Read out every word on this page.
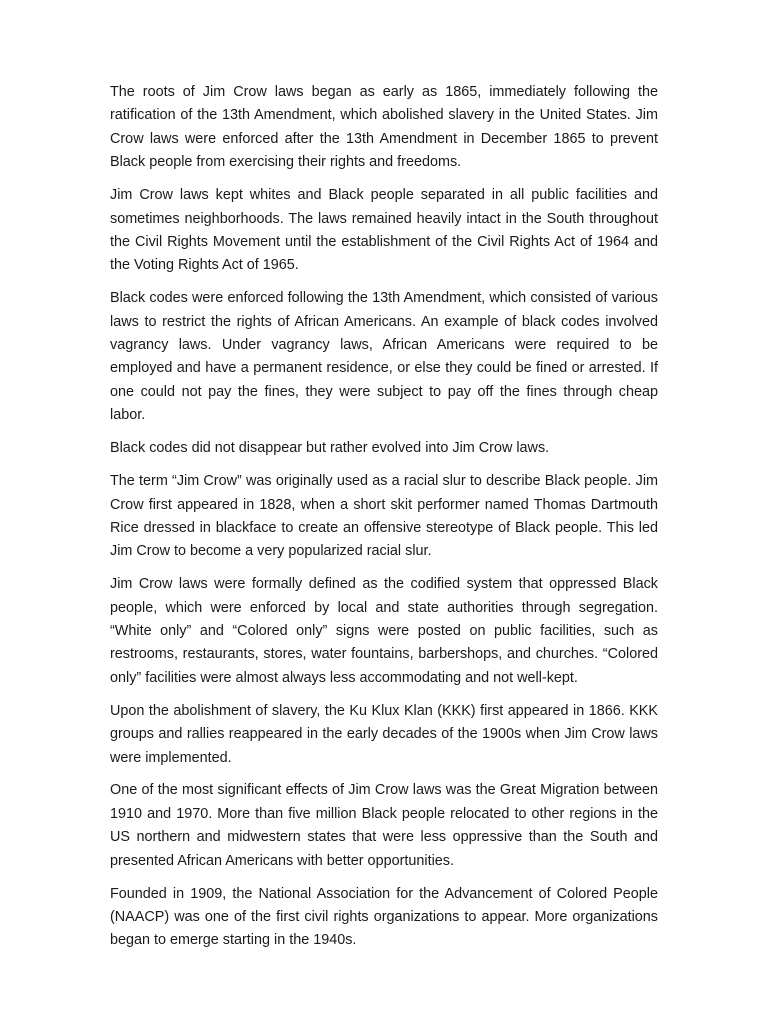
The roots of Jim Crow laws began as early as 1865, immediately following the ratification of the 13th Amendment, which abolished slavery in the United States. Jim Crow laws were enforced after the 13th Amendment in December 1865 to prevent Black people from exercising their rights and freedoms.

Jim Crow laws kept whites and Black people separated in all public facilities and sometimes neighborhoods. The laws remained heavily intact in the South throughout the Civil Rights Movement until the establishment of the Civil Rights Act of 1964 and the Voting Rights Act of 1965.

Black codes were enforced following the 13th Amendment, which consisted of various laws to restrict the rights of African Americans. An example of black codes involved vagrancy laws. Under vagrancy laws, African Americans were required to be employed and have a permanent residence, or else they could be fined or arrested. If one could not pay the fines, they were subject to pay off the fines through cheap labor.

Black codes did not disappear but rather evolved into Jim Crow laws.

The term “Jim Crow” was originally used as a racial slur to describe Black people. Jim Crow first appeared in 1828, when a short skit performer named Thomas Dartmouth Rice dressed in blackface to create an offensive stereotype of Black people. This led Jim Crow to become a very popularized racial slur.

Jim Crow laws were formally defined as the codified system that oppressed Black people, which were enforced by local and state authorities through segregation. “White only” and “Colored only” signs were posted on public facilities, such as restrooms, restaurants, stores, water fountains, barbershops, and churches. “Colored only” facilities were almost always less accommodating and not well-kept.

Upon the abolishment of slavery, the Ku Klux Klan (KKK) first appeared in 1866. KKK groups and rallies reappeared in the early decades of the 1900s when Jim Crow laws were implemented.

One of the most significant effects of Jim Crow laws was the Great Migration between 1910 and 1970. More than five million Black people relocated to other regions in the US northern and midwestern states that were less oppressive than the South and presented African Americans with better opportunities.

Founded in 1909, the National Association for the Advancement of Colored People (NAACP) was one of the first civil rights organizations to appear. More organizations began to emerge starting in the 1940s.
